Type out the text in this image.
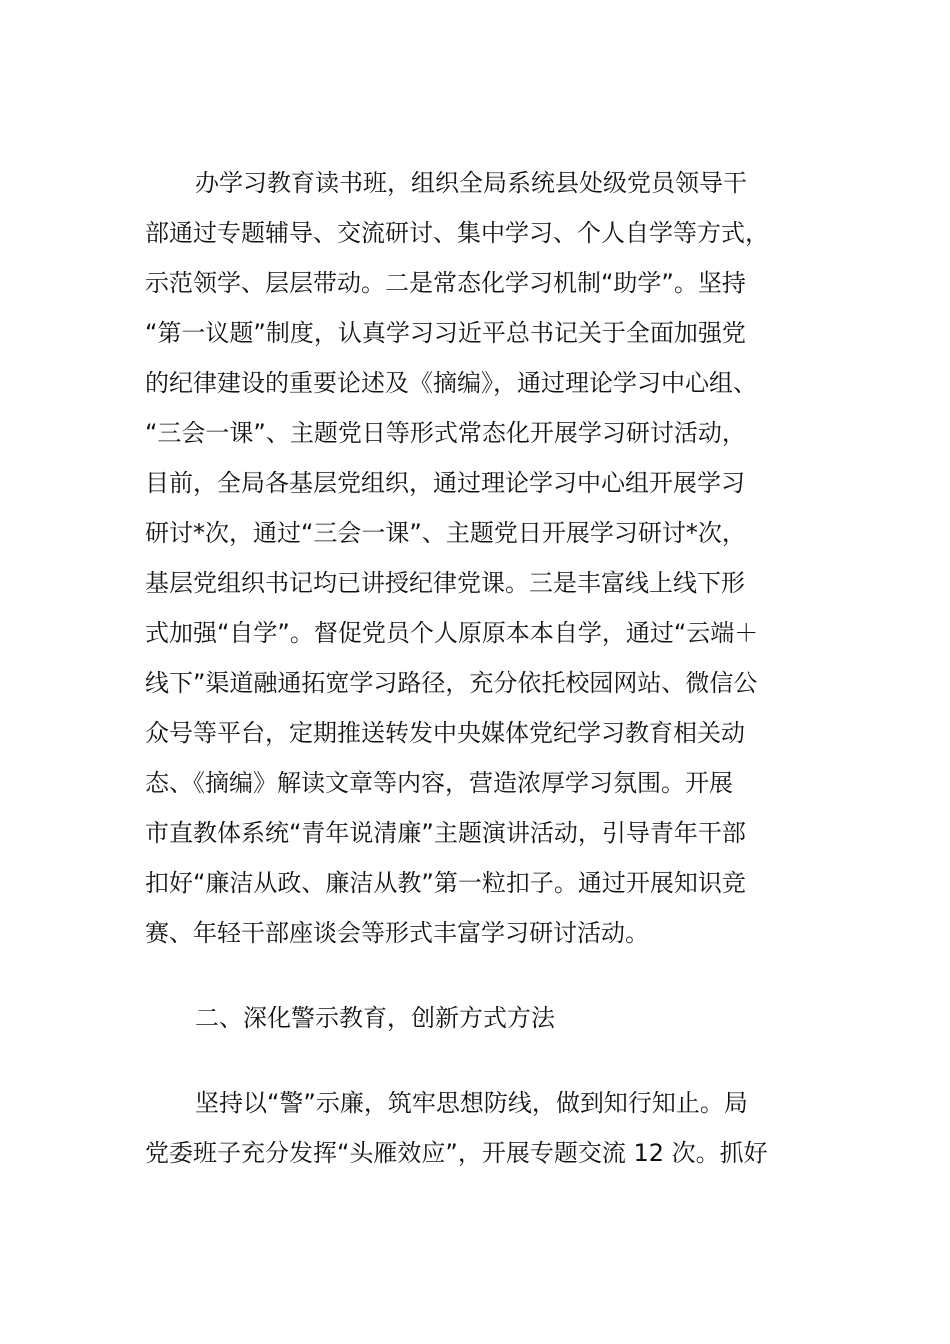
办学习教育读书班，组织全局系统县处级党员领导干

部通过专题辅导、交流研讨、集中学习、个人自学等方式，

示范领学、层层带动。二是常态化学习机制“助学”。坚持

“第一议题”制度，认真学习习近平总书记关于全面加强党

的纪律建设的重要论述及《摘编》，通过理论学习中心组、

“三会一课”、主题党日等形式常态化开展学习研讨活动，

目前，全局各基层党组织，通过理论学习中心组开展学习

研讨*次，通过“三会一课”、主题党日开展学习研讨*次，

基层党组织书记均已讲授纪律党课。三是丰富线上线下形

式加强“自学”。督促党员个人原原本本自学，通过“云端＋

线下”渠道融通拓宽学习路径，充分依托校园网站、微信公

众号等平台，定期推送转发中央媒体党纪学习教育相关动

态、《摘编》解读文章等内容，营造浓厚学习氛围。开展

市直教体系统“青年说清廉”主题演讲活动，引导青年干部

扣好“廉洁从政、廉洁从教”第一粒扣子。通过开展知识竞

赛、年轻干部座谈会等形式丰富学习研讨活动。

二、深化警示教育，创新方式方法

坚持以“警”示廉，筑牢思想防线，做到知行知止。局

党委班子充分发挥“头雁效应”，开展专题交流 12 次。抓好
